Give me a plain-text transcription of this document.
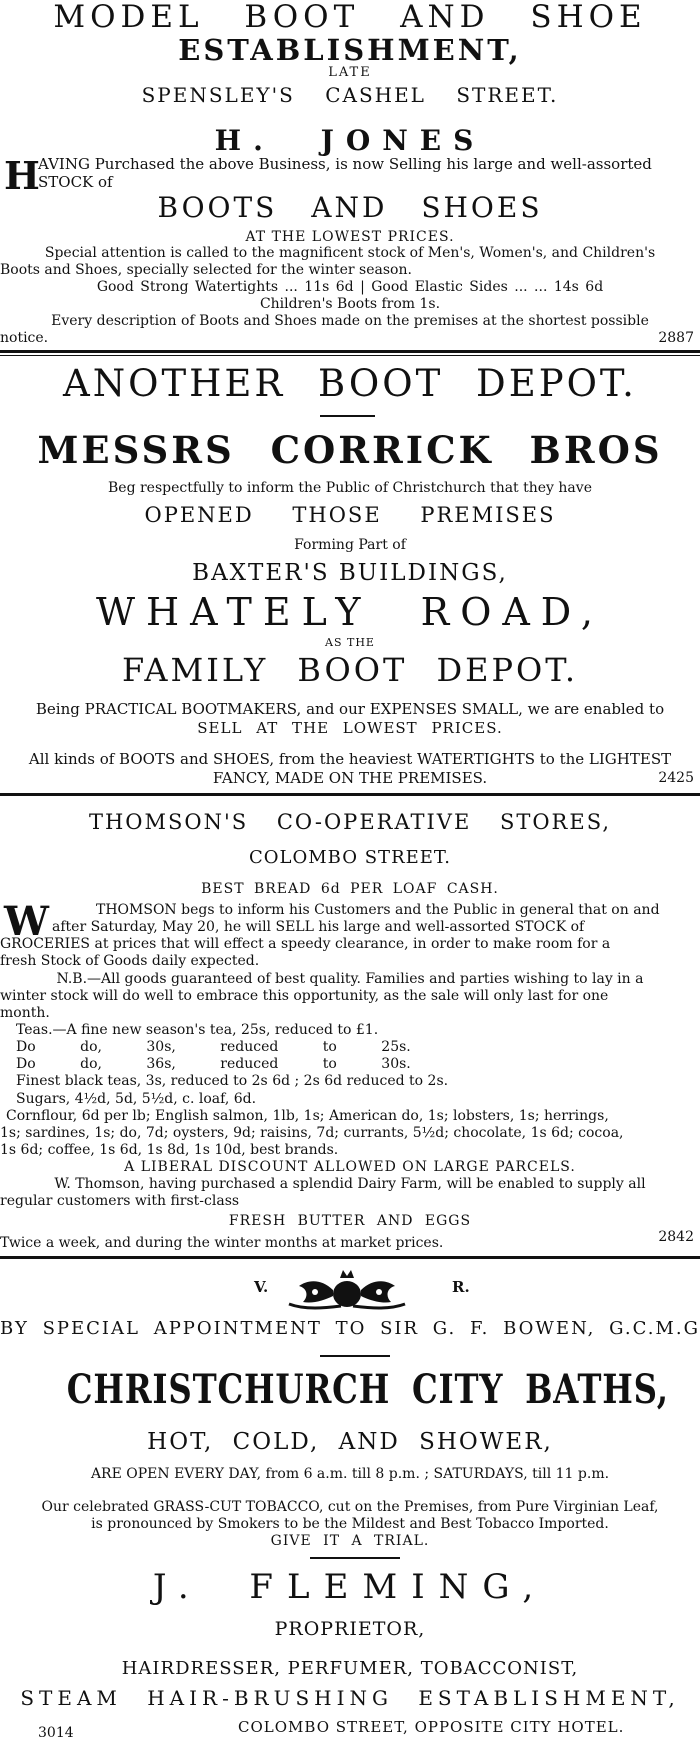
MODEL BOOT AND SHOE
ESTABLISHMENT,
LATE
SPENSLEY'S CASHEL STREET.
H. JONES
H
AVING Purchased the above Business, is now Selling his large and well-assorted
STOCK of
BOOTS AND SHOES
AT THE LOWEST PRICES.
Special attention is called to the magnificent stock of Men's, Women's, and Children's
Boots and Shoes, specially selected for the winter season.
Good Strong Watertights ... 11s 6d | Good Elastic Sides ... ... 14s 6d
Children's Boots from 1s.
Every description of Boots and Shoes made on the premises at the shortest possible
notice.	2887
ANOTHER BOOT DEPOT.
MESSRS CORRICK BROS
Beg respectfully to inform the Public of Christchurch that they have
OPENED THOSE PREMISES
Forming Part of
BAXTER'S BUILDINGS,
WHATELY ROAD,
AS THE
FAMILY BOOT DEPOT.
Being PRACTICAL BOOTMAKERS, and our EXPENSES SMALL, we are enabled to
SELL AT THE LOWEST PRICES.
All kinds of BOOTS and SHOES, from the heaviest WATERTIGHTS to the LIGHTEST
FANCY, MADE ON THE PREMISES.	2425
THOMSON'S CO-OPERATIVE STORES,
COLOMBO STREET.
BEST BREAD 6d PER LOAF CASH.
W	THOMSON begs to inform his Customers and the Public in general that on and
after Saturday, May 20, he will SELL his large and well-assorted STOCK of
GROCERIES at prices that will effect a speedy clearance, in order to make room for a
fresh Stock of Goods daily expected.
N.B.—All goods guaranteed of best quality. Families and parties wishing to lay in a
winter stock will do well to embrace this opportunity, as the sale will only last for one
month.
Teas.—A fine new season's tea, 25s, reduced to £1.
Do do, 30s, reduced to 25s.
Do do, 36s, reduced to 30s.
Finest black teas, 3s, reduced to 2s 6d ; 2s 6d reduced to 2s.
Sugars, 4½d, 5d, 5½d, c. loaf, 6d.
Cornflour, 6d per lb; English salmon, 1lb, 1s; American do, 1s; lobsters, 1s; herrings,
1s; sardines, 1s; do, 7d; oysters, 9d; raisins, 7d; currants, 5½d; chocolate, 1s 6d; cocoa,
1s 6d; coffee, 1s 6d, 1s 8d, 1s 10d, best brands.
A LIBERAL DISCOUNT ALLOWED ON LARGE PARCELS.
W. Thomson, having purchased a splendid Dairy Farm, will be enabled to supply all
regular customers with first-class
FRESH BUTTER AND EGGS
Twice a week, and during the winter months at market prices.	2842
V.	R.
BY SPECIAL APPOINTMENT TO SIR G. F. BOWEN, G.C.M.G
CHRISTCHURCH CITY BATHS,
HOT, COLD, AND SHOWER,
ARE OPEN EVERY DAY, from 6 a.m. till 8 p.m. ; SATURDAYS, till 11 p.m.
Our celebrated GRASS-CUT TOBACCO, cut on the Premises, from Pure Virginian Leaf,
is pronounced by Smokers to be the Mildest and Best Tobacco Imported.
GIVE IT A TRIAL.
J. FLEMING,
PROPRIETOR,
HAIRDRESSER, PERFUMER, TOBACCONIST,
STEAM HAIR-BRUSHING ESTABLISHMENT,
3014	COLOMBO STREET, OPPOSITE CITY HOTEL.
